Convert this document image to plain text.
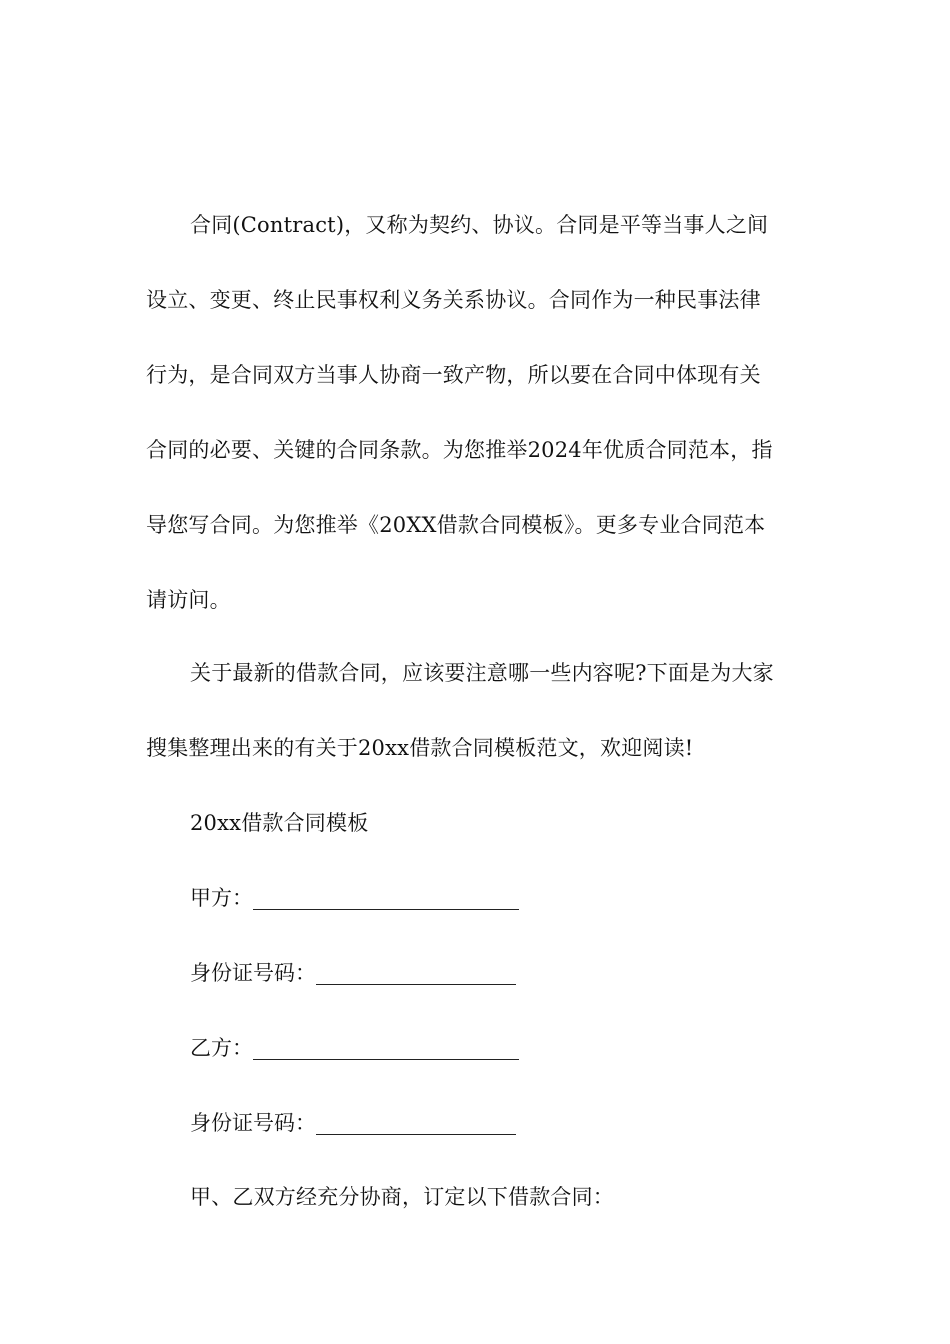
合同(Contract)，又称为契约、协议。合同是平等当事人之间
设立、变更、终止民事权利义务关系协议。合同作为一种民事法律
行为，是合同双方当事人协商一致产物，所以要在合同中体现有关
合同的必要、关键的合同条款。为您推举2024年优质合同范本，指
导您写合同。为您推举《20XX借款合同模板》。更多专业合同范本
请访问。
关于最新的借款合同，应该要注意哪一些内容呢?下面是为大家
搜集整理出来的有关于20xx借款合同模板范文，欢迎阅读!
20xx借款合同模板
甲方：
身份证号码：
乙方：
身份证号码：
甲、乙双方经充分协商，订定以下借款合同：
